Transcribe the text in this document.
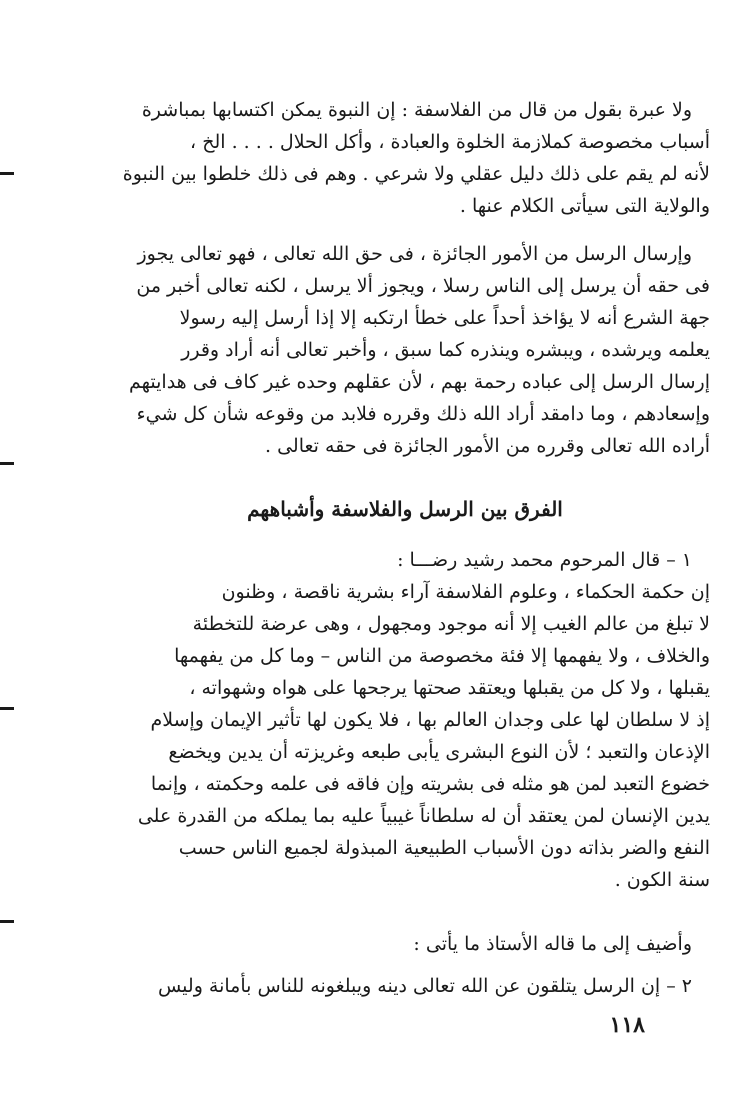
ولا عبرة بقول من قال من الفلاسفة : إن النبوة يمكن اكتسابها بمباشرة
أسباب مخصوصة كملازمة الخلوة والعبادة ، وأكل الحلال . . . . الخ ،
لأنه لم يقم على ذلك دليل عقلي ولا شرعي . وهم فى ذلك خلطوا بين النبوة
والولاية التى سيأتى الكلام عنها .
وإرسال الرسل من الأمور الجائزة ، فى حق الله تعالى ، فهو تعالى يجوز
فى حقه أن يرسل إلى الناس رسلا ، ويجوز ألا يرسل ، لكنه تعالى أخبر من
جهة الشرع أنه لا يؤاخذ أحداً على خطأ ارتكبه إلا إذا أرسل إليه رسولا
يعلمه ويرشده ، ويبشره وينذره كما سبق ، وأخبر تعالى أنه أراد وقرر
إرسال الرسل إلى عباده رحمة بهم ، لأن عقلهم وحده غير كاف فى هدايتهم
وإسعادهم ، وما دامقد أراد الله ذلك وقرره فلابد من وقوعه شأن كل شيء
أراده الله تعالى وقرره من الأمور الجائزة فى حقه تعالى .
الفرق بين الرسل والفلاسفة وأشباههم
١ – قال المرحوم محمد رشيد رضـــا :
إن حكمة الحكماء ، وعلوم الفلاسفة آراء بشرية ناقصة ، وظنون
لا تبلغ من عالم الغيب إلا أنه موجود ومجهول ، وهى عرضة للتخطئة
والخلاف ، ولا يفهمها إلا فئة مخصوصة من الناس – وما كل من يفهمها
يقبلها ، ولا كل من يقبلها ويعتقد صحتها يرجحها على هواه وشهواته ،
إذ لا سلطان لها على وجدان العالم بها ، فلا يكون لها تأثير الإيمان وإسلام
الإذعان والتعبد ؛ لأن النوع البشرى يأبى طبعه وغريزته أن يدين ويخضع
خضوع التعبد لمن هو مثله فى بشريته وإن فاقه فى علمه وحكمته ، وإنما
يدين الإنسان لمن يعتقد أن له سلطاناً غيبياً عليه بما يملكه من القدرة على
النفع والضر بذاته دون الأسباب الطبيعية المبذولة لجميع الناس حسب
سنة الكون .
وأضيف إلى ما قاله الأستاذ ما يأتى :
٢ – إن الرسل يتلقون عن الله تعالى دينه ويبلغونه للناس بأمانة وليس
١١٨
